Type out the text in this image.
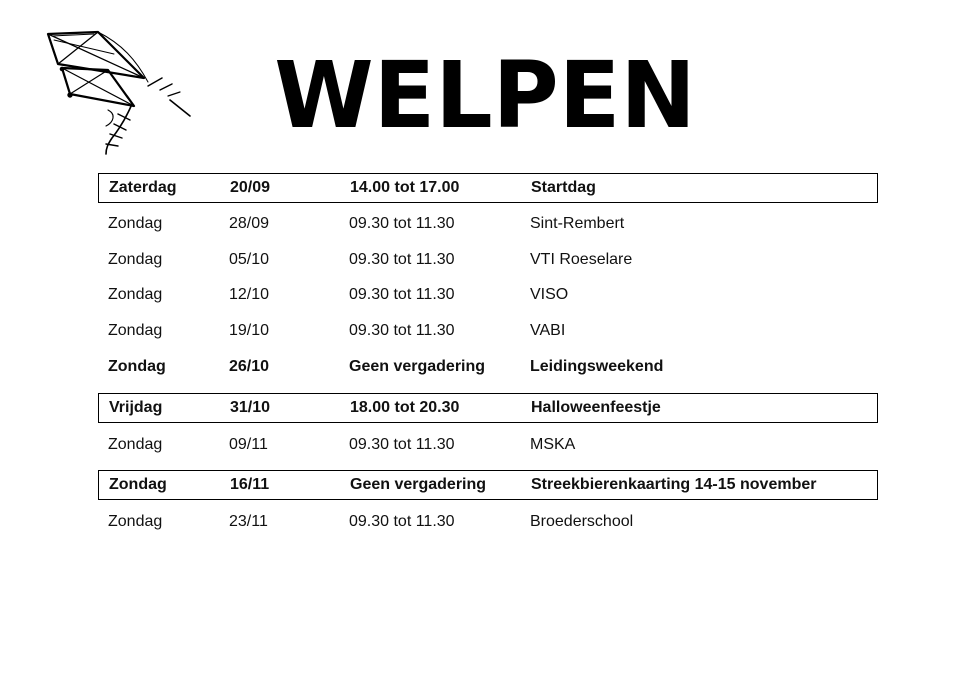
WELPEN
Zaterdag	20/09	14.00 tot 17.00	Startdag
Zondag	28/09	09.30 tot 11.30	Sint-Rembert
Zondag	05/10	09.30 tot 11.30	VTI Roeselare
Zondag	12/10	09.30 tot 11.30	VISO
Zondag	19/10	09.30 tot 11.30	VABI
Zondag	26/10	Geen vergadering	Leidingsweekend
Vrijdag	31/10	18.00 tot 20.30	Halloweenfeestje
Zondag	09/11	09.30 tot 11.30	MSKA
Zondag	16/11	Geen vergadering	Streekbierenkaarting 14-15 november
Zondag	23/11	09.30 tot 11.30	Broederschool
